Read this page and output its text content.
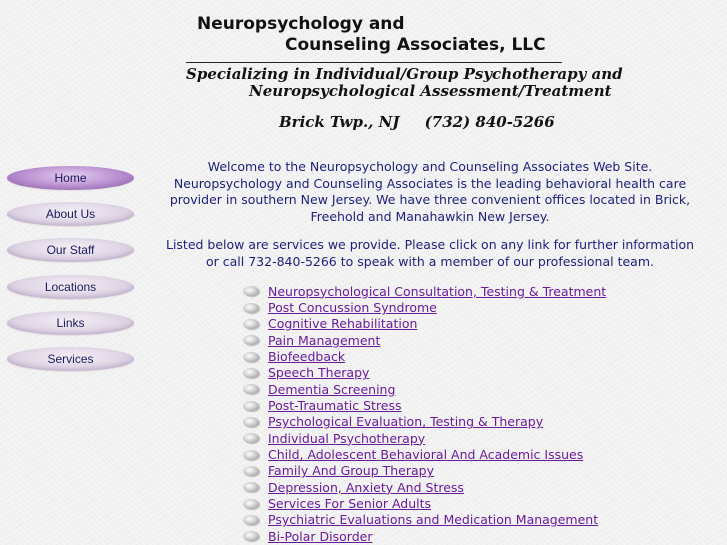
Neuropsychology and
Counseling Associates, LLC
Specializing in Individual/Group Psychotherapy and
Neuropsychological Assessment/Treatment
Brick Twp., NJ (732) 840-5266
Home
About Us
Our Staff
Locations
Links
Services

Welcome to the Neuropsychology and Counseling Associates Web Site. Neuropsychology and Counseling Associates is the leading behavioral health care provider in southern New Jersey. We have three convenient offices located in Brick, Freehold and Manahawkin New Jersey.

Listed below are services we provide. Please click on any link for further information or call 732-840-5266 to speak with a member of our professional team.

Neuropsychological Consultation, Testing & Treatment
Post Concussion Syndrome
Cognitive Rehabilitation
Pain Management
Biofeedback
Speech Therapy
Dementia Screening
Post-Traumatic Stress
Psychological Evaluation, Testing & Therapy
Individual Psychotherapy
Child, Adolescent Behavioral And Academic Issues
Family And Group Therapy
Depression, Anxiety And Stress
Services For Senior Adults
Psychiatric Evaluations and Medication Management
Bi-Polar Disorder
